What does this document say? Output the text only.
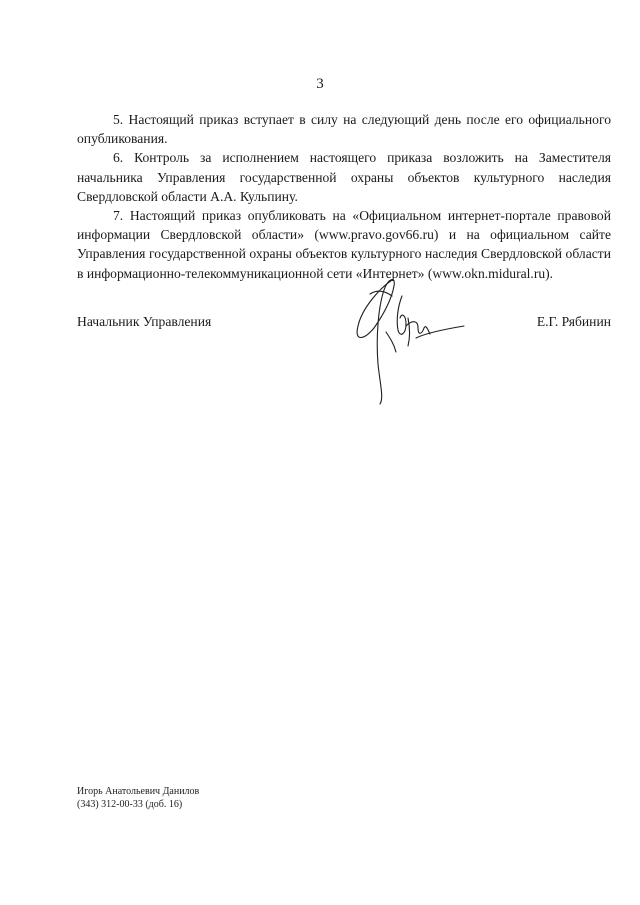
3

5. Настоящий приказ вступает в силу на следующий день после его официального опубликования.

6. Контроль за исполнением настоящего приказа возложить на Заместителя начальника Управления государственной охраны объектов культурного наследия Свердловской области А.А. Кульпину.

7. Настоящий приказ опубликовать на «Официальном интернет-портале правовой информации Свердловской области» (www.pravo.gov66.ru) и на официальном сайте Управления государственной охраны объектов культурного наследия Свердловской области в информационно-телекоммуникационной сети «Интернет» (www.okn.midural.ru).

Начальник Управления	Е.Г. Рябинин
Игорь Анатольевич Данилов
(343) 312-00-33 (доб. 16)
